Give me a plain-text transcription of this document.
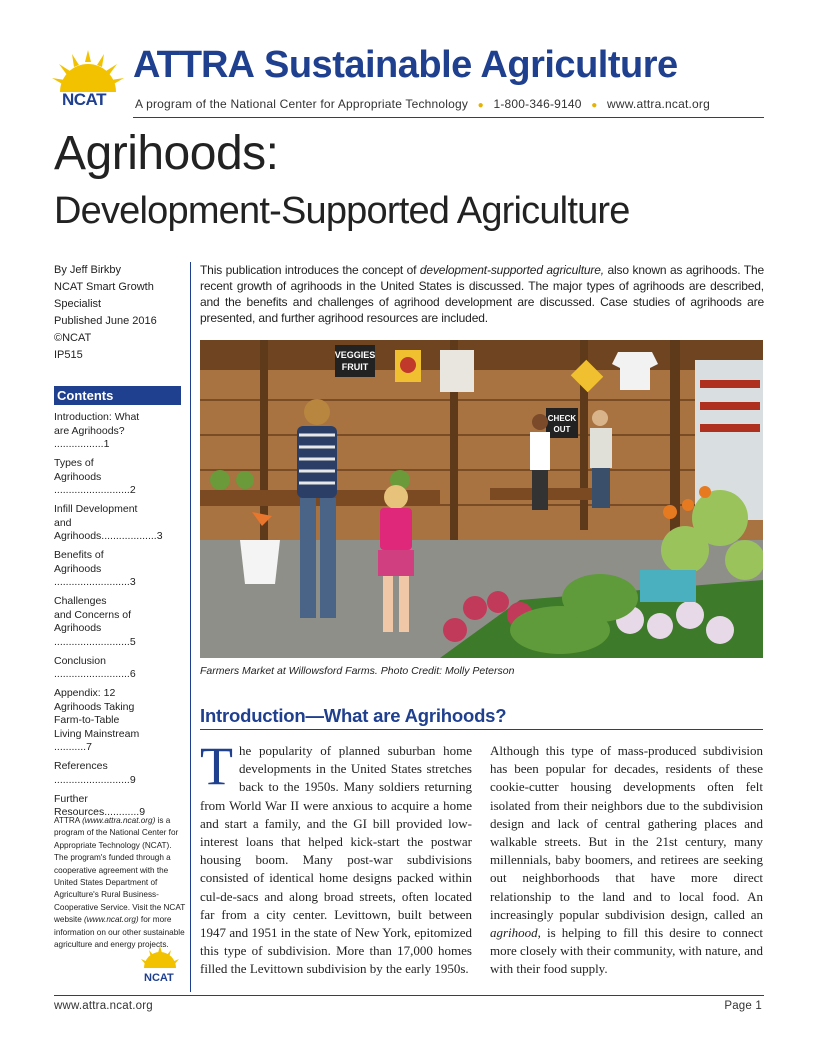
NCAT
ATTRA Sustainable Agriculture
A program of the National Center for Appropriate Technology ● 1-800-346-9140 ● www.attra.ncat.org
Agrihoods:
Development-Supported Agriculture
By Jeff Birkby
NCAT Smart Growth Specialist
Published June 2016
©NCAT
IP515
Contents
Introduction: What
are Agrihoods? .................1
Types of
Agrihoods ..........................2
Infill Development
and Agrihoods...................3
Benefits of
Agrihoods ..........................3
Challenges
and Concerns of
Agrihoods ..........................5
Conclusion ..........................6
Appendix: 12
Agrihoods Taking
Farm-to-Table
Living Mainstream ...........7
References ..........................9
Further Resources............9
ATTRA (www.attra.ncat.org) is a program of the National Center for Appropriate Technology (NCAT). The program's funded through a cooperative agreement with the United States Department of Agriculture's Rural Business-Cooperative Service. Visit the NCAT website (www.ncat.org) for more information on our other sustainable agriculture and energy projects.
NCAT

This publication introduces the concept of development-supported agriculture, also known as agrihoods. The recent growth of agrihoods in the United States is discussed. The major types of agrihoods are described, and the benefits and challenges of agrihood development are discussed. Case studies of agrihoods are presented, and further agrihood resources are included.

VEGGIES
FRUIT
CHECK
OUT
Farmers Market at Willowsford Farms. Photo Credit: Molly Peterson
Introduction—What are Agrihoods?
The popularity of planned suburban home developments in the United States stretches back to the 1950s. Many soldiers returning from World War II were anxious to acquire a home and start a family, and the GI bill provided low-interest loans that helped kick-start the postwar housing boom. Many post-war subdivisions consisted of identical home designs packed within cul-de-sacs and along broad streets, often located far from a city center. Levittown, built between 1947 and 1951 in the state of New York, epitomized this type of subdivision. More than 17,000 homes filled the Levittown subdivision by the early 1950s.
Although this type of mass-produced subdivision has been popular for decades, residents of these cookie-cutter housing developments often felt isolated from their neighbors due to the subdivision design and lack of central gathering places and walkable streets. But in the 21st century, many millennials, baby boomers, and retirees are seeking out neighborhoods that have more direct relationship to the land and to local food. An increasingly popular subdivision design, called an agrihood, is helping to fill this desire to connect more closely with their community, with nature, and with their food supply.
www.attra.ncat.org	Page 1
